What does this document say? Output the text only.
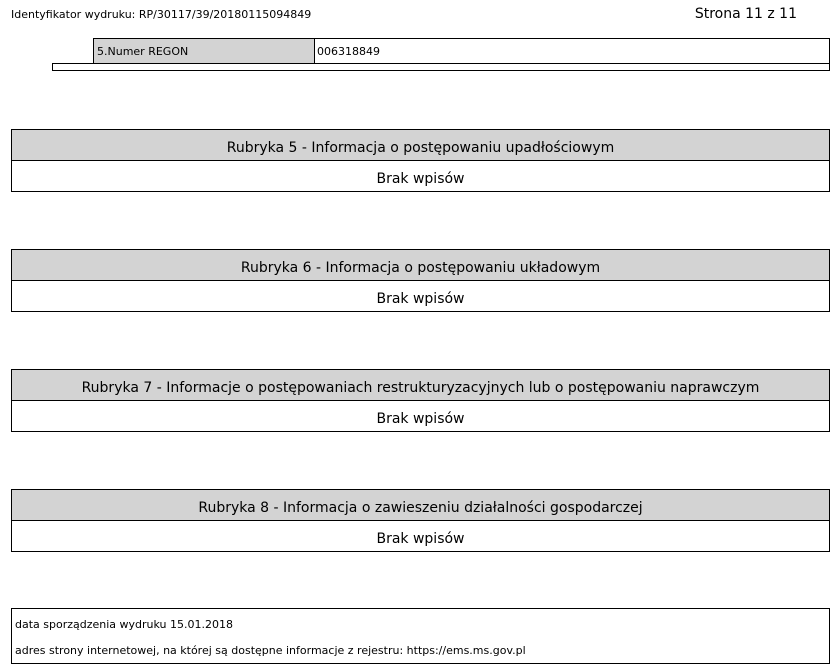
Identyfikator wydruku: RP/30117/39/20180115094849	Strona 11 z 11
5.Numer REGON	006318849
Rubryka 5 - Informacja o postępowaniu upadłościowym
Brak wpisów
Rubryka 6 - Informacja o postępowaniu układowym
Brak wpisów
Rubryka 7 - Informacje o postępowaniach restrukturyzacyjnych lub o postępowaniu naprawczym
Brak wpisów
Rubryka 8 - Informacja o zawieszeniu działalności gospodarczej
Brak wpisów
data sporządzenia wydruku 15.01.2018
adres strony internetowej, na której są dostępne informacje z rejestru: https://ems.ms.gov.pl
